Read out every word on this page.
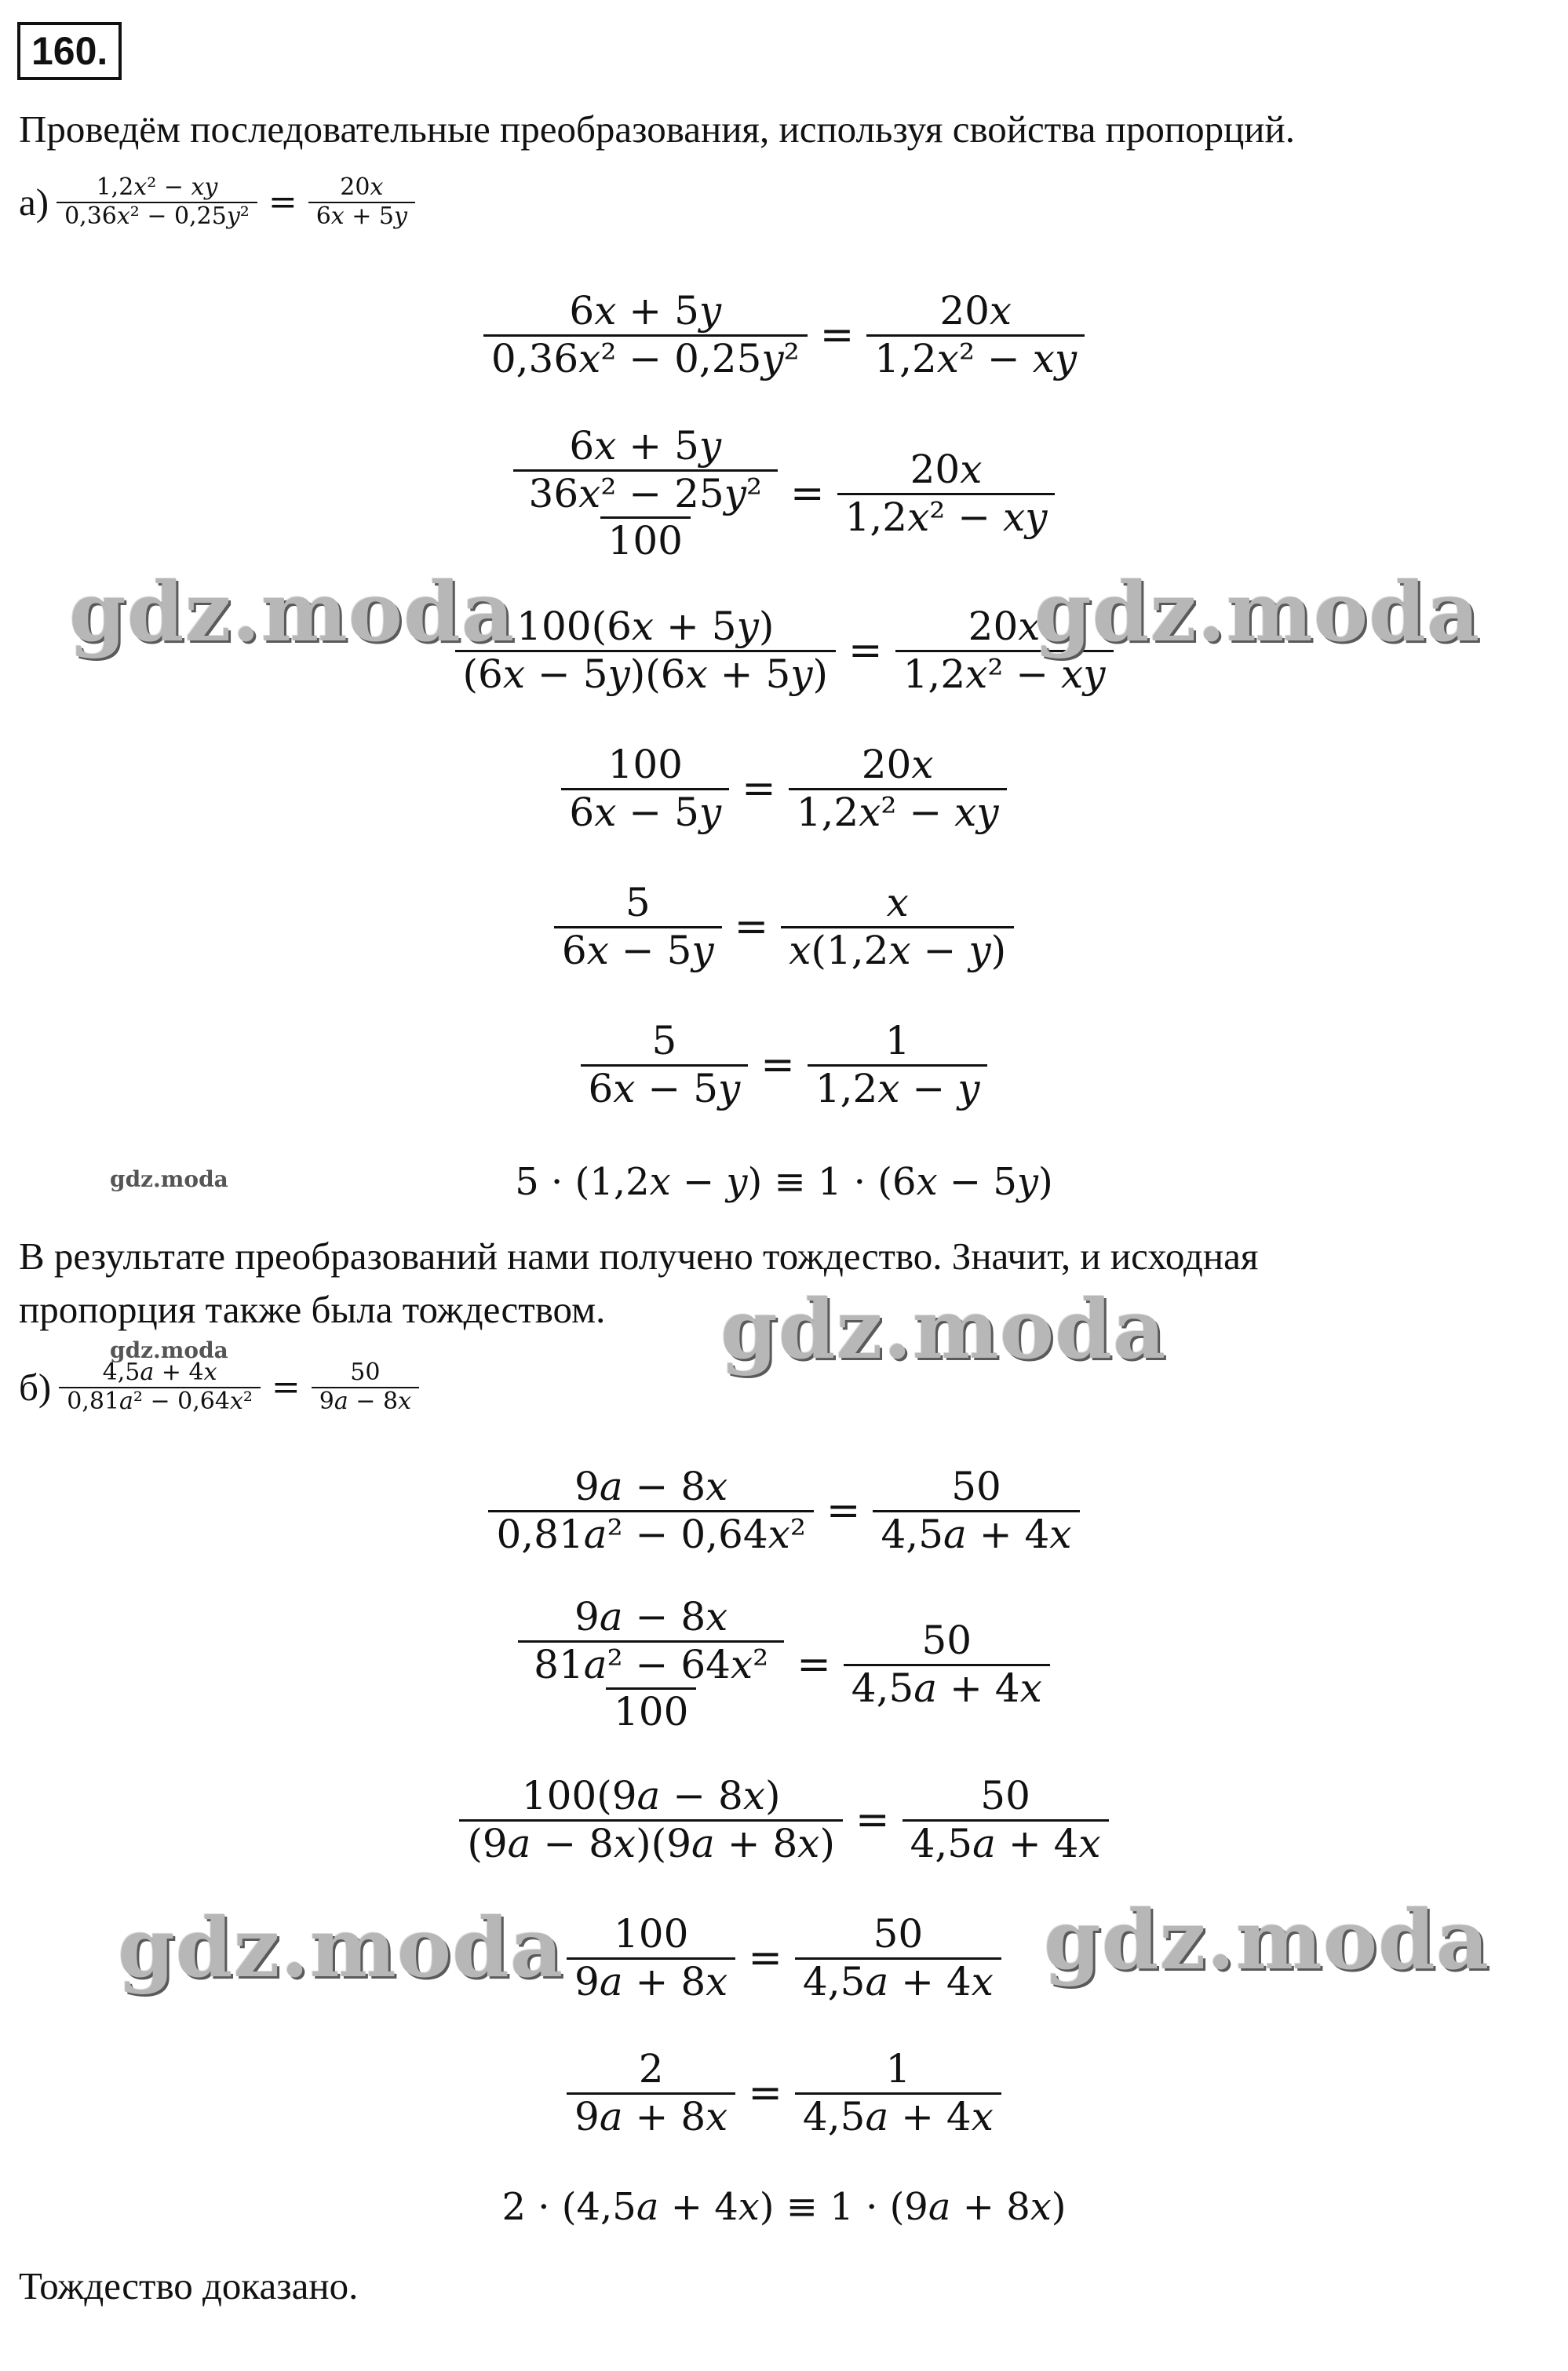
160.
Проведём последовательные преобразования, используя свойства пропорций.
$а) \frac{\text{1,2𝑥² − 𝑥𝑦}}{\text{0,36𝑥² − 0,25𝑦²}} = \frac{\text{20𝑥}}{\text{6𝑥 + 5𝑦}}$
$\frac{\text{6𝑥 + 5𝑦}}{\text{0,36𝑥² − 0,25𝑦²}} = \frac{\text{20𝑥}}{\text{1,2𝑥² − 𝑥𝑦}}$
$\frac{\text{6𝑥 + 5𝑦}}{\frac{\text{36𝑥² − 25𝑦²}}{100}} = \frac{\text{20𝑥}}{\text{1,2𝑥² − 𝑥𝑦}}$
$\frac{\text{100(6𝑥 + 5𝑦)}}{\text{(6𝑥 − 5𝑦)(6𝑥 + 5𝑦)}} = \frac{\text{20𝑥}}{\text{1,2𝑥² − 𝑥𝑦}}$
$\frac{100}{\text{6𝑥 − 5𝑦}} = \frac{\text{20𝑥}}{\text{1,2𝑥² − 𝑥𝑦}}$
$\frac{5}{\text{6𝑥 − 5𝑦}} = \frac{\text{𝑥}}{\text{𝑥(1,2𝑥 − 𝑦)}}$
$\frac{5}{\text{6𝑥 − 5𝑦}} = \frac{1}{\text{1,2𝑥 − 𝑦}}$
5 · (1,2𝑥 − 𝑦) ≡ 1 · (6𝑥 − 5𝑦)
В результате преобразований нами получено тождество. Значит, и исходная
пропорция также была тождеством.
$б) \frac{\text{4,5𝑎 + 4𝑥}}{\text{0,81𝑎² − 0,64𝑥²}} = \frac{50}{\text{9𝑎 − 8𝑥}}$
$\frac{\text{9𝑎 − 8𝑥}}{\text{0,81𝑎² − 0,64𝑥²}} = \frac{50}{\text{4,5𝑎 + 4𝑥}}$
$\frac{\text{9𝑎 − 8𝑥}}{\frac{\text{81𝑎² − 64𝑥²}}{100}} = \frac{50}{\text{4,5𝑎 + 4𝑥}}$
$\frac{\text{100(9𝑎 − 8𝑥)}}{\text{(9𝑎 − 8𝑥)(9𝑎 + 8𝑥)}} = \frac{50}{\text{4,5𝑎 + 4𝑥}}$
$\frac{100}{\text{9𝑎 + 8𝑥}} = \frac{50}{\text{4,5𝑎 + 4𝑥}}$
$\frac{2}{\text{9𝑎 + 8𝑥}} = \frac{1}{\text{4,5𝑎 + 4𝑥}}$
2 · (4,5𝑎 + 4𝑥) ≡ 1 · (9𝑎 + 8𝑥)
Тождество доказано.
gdz.moda	gdz.moda
gdz.moda
gdz.moda	gdz.moda
gdz.moda
gdz.moda
